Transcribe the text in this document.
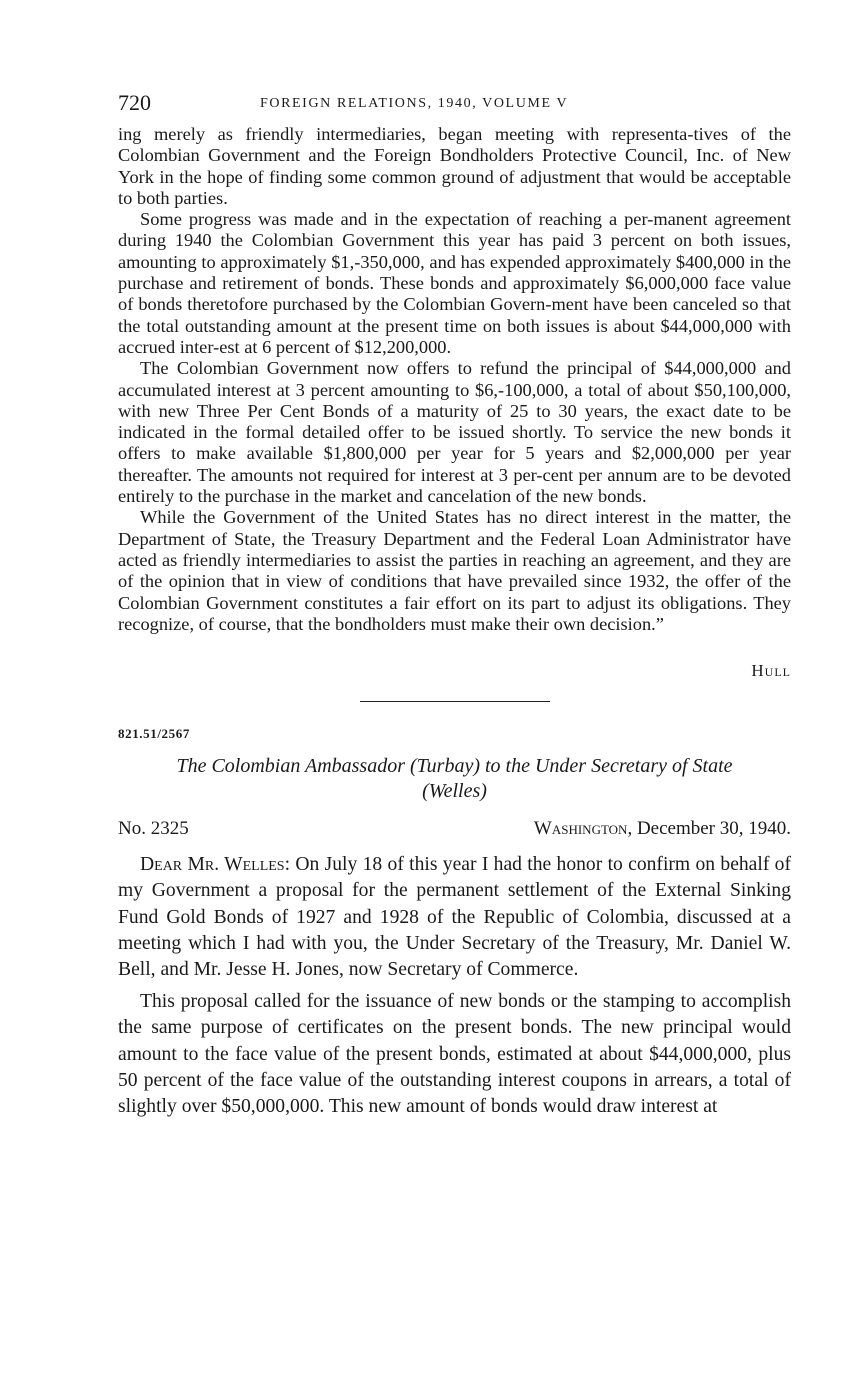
720	FOREIGN RELATIONS, 1940, VOLUME V

ing merely as friendly intermediaries, began meeting with representa-tives of the Colombian Government and the Foreign Bondholders Protective Council, Inc. of New York in the hope of finding some common ground of adjustment that would be acceptable to both parties.

Some progress was made and in the expectation of reaching a per-manent agreement during 1940 the Colombian Government this year has paid 3 percent on both issues, amounting to approximately $1,-350,000, and has expended approximately $400,000 in the purchase and retirement of bonds. These bonds and approximately $6,000,000 face value of bonds theretofore purchased by the Colombian Govern-ment have been canceled so that the total outstanding amount at the present time on both issues is about $44,000,000 with accrued inter-est at 6 percent of $12,200,000.

The Colombian Government now offers to refund the principal of $44,000,000 and accumulated interest at 3 percent amounting to $6,-100,000, a total of about $50,100,000, with new Three Per Cent Bonds of a maturity of 25 to 30 years, the exact date to be indicated in the formal detailed offer to be issued shortly. To service the new bonds it offers to make available $1,800,000 per year for 5 years and $2,000,000 per year thereafter. The amounts not required for interest at 3 per-cent per annum are to be devoted entirely to the purchase in the market and cancelation of the new bonds.

While the Government of the United States has no direct interest in the matter, the Department of State, the Treasury Department and the Federal Loan Administrator have acted as friendly intermediaries to assist the parties in reaching an agreement, and they are of the opinion that in view of conditions that have prevailed since 1932, the offer of the Colombian Government constitutes a fair effort on its part to adjust its obligations. They recognize, of course, that the bondholders must make their own decision.”

Hull
821.51/2567
The Colombian Ambassador (Turbay) to the Under Secretary of State
(Welles)
No. 2325	Washington, December 30, 1940.

Dear Mr. Welles: On July 18 of this year I had the honor to confirm on behalf of my Government a proposal for the permanent settlement of the External Sinking Fund Gold Bonds of 1927 and 1928 of the Republic of Colombia, discussed at a meeting which I had with you, the Under Secretary of the Treasury, Mr. Daniel W. Bell, and Mr. Jesse H. Jones, now Secretary of Commerce.

This proposal called for the issuance of new bonds or the stamping to accomplish the same purpose of certificates on the present bonds. The new principal would amount to the face value of the present bonds, estimated at about $44,000,000, plus 50 percent of the face value of the outstanding interest coupons in arrears, a total of slightly over $50,000,000. This new amount of bonds would draw interest at
